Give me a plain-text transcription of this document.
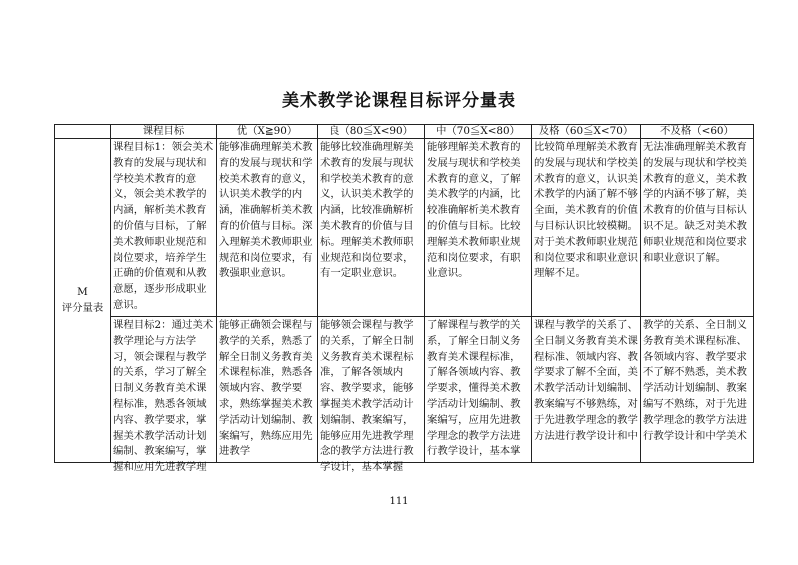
美术教学论课程目标评分量表
	课程目标	优（X≧90）	良（80≦X<90）	中（70≦X<80）	及格（60≦X<70）	不及格（<60）

M
评分量表	课程目标1：领会美术教育的发展与现状和学校美术教育的意义，领会美术教学的内涵，解析美术教育的价值与目标，了解美术教师职业规范和岗位要求，培养学生正确的价值观和从教意愿，逐步形成职业意识。	能够准确理解美术教育的发展与现状和学校美术教育的意义，认识美术教学的内涵，准确解析美术教育的价值与目标。深入理解美术教师职业规范和岗位要求，有教强职业意识。	能够比较准确理解美术教育的发展与现状和学校美术教育的意义，认识美术教学的内涵，比较准确解析美术教育的价值与目标。理解美术教师职业规范和岗位要求，有一定职业意识。	能够理解美术教育的发展与现状和学校美术教育的意义，了解美术教学的内涵，比较准确解析美术教育的价值与目标。比较理解美术教师职业规范和岗位要求，有职业意识。	比较简单理解美术教育的发展与现状和学校美术教育的意义，认识美术教学的内涵了解不够全面，美术教育的价值与目标认识比较模糊。对于美术教师职业规范和岗位要求和职业意识理解不足。	无法准确理解美术教育的发展与现状和学校美术教育的意义，美术教学的内涵不够了解，美术教育的价值与目标认识不足。缺乏对美术教师职业规范和岗位要求和职业意识了解。

	课程目标2：通过美术教学理论与方法学习，领会课程与教学的关系，学习了解全日制义务教育美术课程标准，熟悉各领域内容、教学要求，掌握美术教学活动计划编制、教案编写，掌握和应用先进教学理	能够正确领会课程与教学的关系，熟悉了解全日制义务教育美术课程标准，熟悉各领域内容、教学要求，熟练掌握美术教学活动计划编制、教案编写，熟练应用先进教学	能够领会课程与教学的关系，了解全日制义务教育美术课程标准，了解各领域内容、教学要求，能够掌握美术教学活动计划编制、教案编写，能够应用先进教学理念的教学方法进行教学设计，基本掌握	了解课程与教学的关系，了解全日制义务教育美术课程标准，了解各领域内容、教学要求，懂得美术教学活动计划编制、教案编写，应用先进教学理念的教学方法进行教学设计，基本掌	课程与教学的关系了、全日制义务教育美术课程标准、领域内容、教学要求了解不全面，美术教学活动计划编制、教案编写不够熟练，对于先进教学理念的教学方法进行教学设计和中	教学的关系、全日制义务教育美术课程标准、各领域内容、教学要求不了解不熟悉，美术教学活动计划编制、教案编写不熟练，对于先进教学理念的教学方法进行教学设计和中学美术
111
